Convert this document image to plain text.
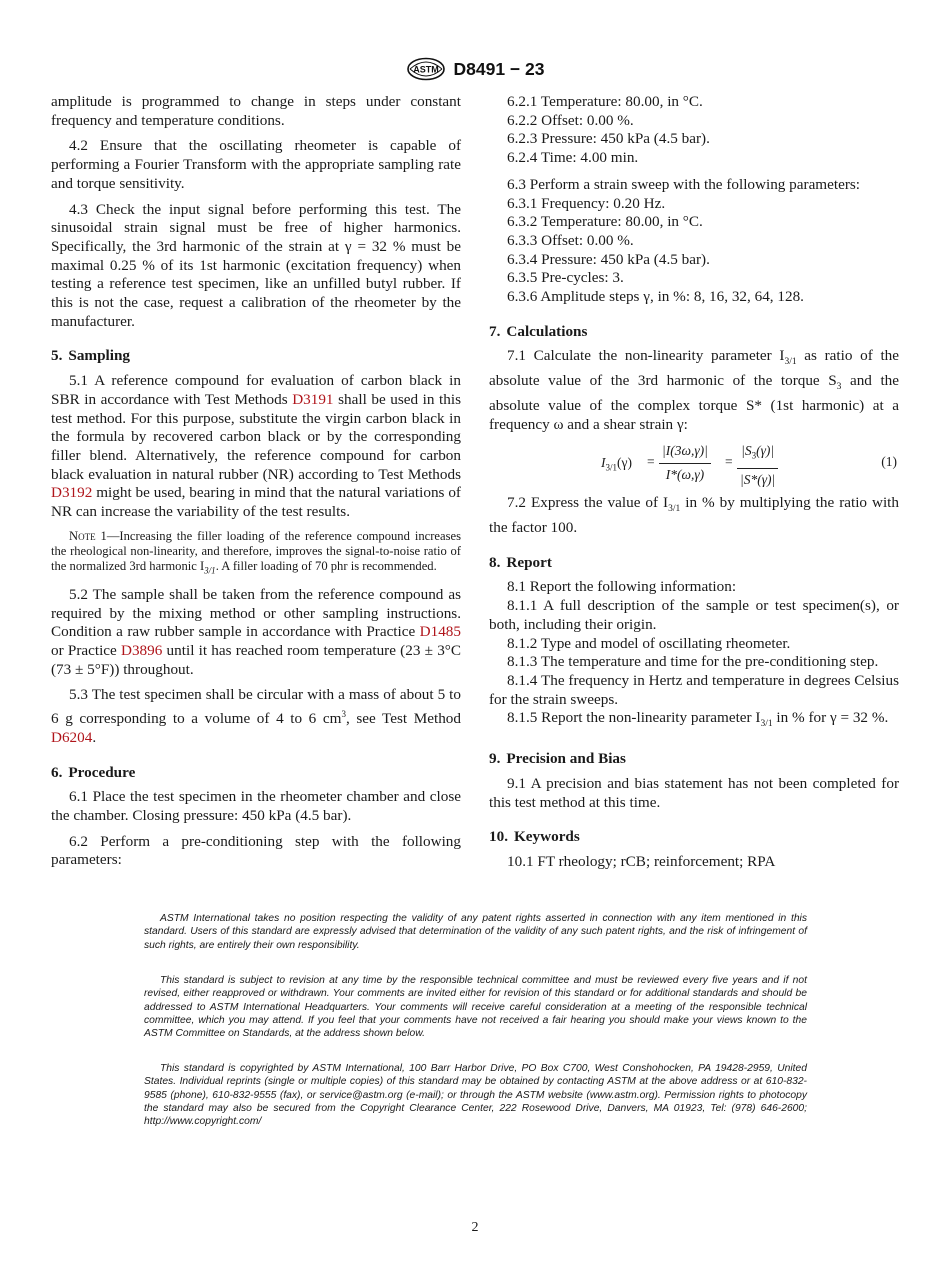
ASTM D8491 − 23

amplitude is programmed to change in steps under constant frequency and temperature conditions.

4.2 Ensure that the oscillating rheometer is capable of performing a Fourier Transform with the appropriate sampling rate and torque sensitivity.

4.3 Check the input signal before performing this test. The sinusoidal strain signal must be free of higher harmonics. Specifically, the 3rd harmonic of the strain at γ = 32 % must be maximal 0.25 % of its 1st harmonic (excitation frequency) when testing a reference test specimen, like an unfilled butyl rubber. If this is not the case, request a calibration of the rheometer by the manufacturer.

5. Sampling

5.1 A reference compound for evaluation of carbon black in SBR in accordance with Test Methods D3191 shall be used in this test method. For this purpose, substitute the virgin carbon black in the formula by recovered carbon black or by the corresponding filler blend. Alternatively, the reference compound for carbon black evaluation in natural rubber (NR) according to Test Methods D3192 might be used, bearing in mind that the natural variations of NR can increase the variability of the test results.

Note 1—Increasing the filler loading of the reference compound increases the rheological non-linearity, and therefore, improves the signal-to-noise ratio of the normalized 3rd harmonic $I_{3/1}$. A filler loading of 70 phr is recommended.

5.2 The sample shall be taken from the reference compound as required by the mixing method or other sampling instructions. Condition a raw rubber sample in accordance with Practice D1485 or Practice D3896 until it has reached room temperature (23 ± 3°C (73 ± 5°F)) throughout.

5.3 The test specimen shall be circular with a mass of about 5 to 6 g corresponding to a volume of 4 to 6 $cm^3$, see Test Method D6204.

6. Procedure

6.1 Place the test specimen in the rheometer chamber and close the chamber. Closing pressure: 450 kPa (4.5 bar).

6.2 Perform a pre-conditioning step with the following parameters:

6.2.1 Temperature: 80.00, in °C.

6.2.2 Offset: 0.00 %.

6.2.3 Pressure: 450 kPa (4.5 bar).

6.2.4 Time: 4.00 min.

6.3 Perform a strain sweep with the following parameters:

6.3.1 Frequency: 0.20 Hz.

6.3.2 Temperature: 80.00, in °C.

6.3.3 Offset: 0.00 %.

6.3.4 Pressure: 450 kPa (4.5 bar).

6.3.5 Pre-cycles: 3.

6.3.6 Amplitude steps γ, in %: 8, 16, 32, 64, 128.

7. Calculations

7.1 Calculate the non-linearity parameter $I_{3/1}$ as ratio of the absolute value of the 3rd harmonic of the torque $S_3$ and the absolute value of the complex torque S* (1st harmonic) at a frequency ω and a shear strain γ:

$I_{3/1}(\gamma) = \frac{|I(3\omega,\gamma)|}{I*(\omega,\gamma)} = \frac{|S_3(\gamma)|}{|S*(\gamma)|}$	(1)

7.2 Express the value of $I_{3/1}$ in % by multiplying the ratio with the factor 100.

8. Report

8.1 Report the following information:

8.1.1 A full description of the sample or test specimen(s), or both, including their origin.

8.1.2 Type and model of oscillating rheometer.

8.1.3 The temperature and time for the pre-conditioning step.

8.1.4 The frequency in Hertz and temperature in degrees Celsius for the strain sweeps.

8.1.5 Report the non-linearity parameter $I_{3/1}$ in % for γ = 32 %.

9. Precision and Bias

9.1 A precision and bias statement has not been completed for this test method at this time.

10. Keywords

10.1 FT rheology; rCB; reinforcement; RPA

ASTM International takes no position respecting the validity of any patent rights asserted in connection with any item mentioned in this standard. Users of this standard are expressly advised that determination of the validity of any such patent rights, and the risk of infringement of such rights, are entirely their own responsibility.

This standard is subject to revision at any time by the responsible technical committee and must be reviewed every five years and if not revised, either reapproved or withdrawn. Your comments are invited either for revision of this standard or for additional standards and should be addressed to ASTM International Headquarters. Your comments will receive careful consideration at a meeting of the responsible technical committee, which you may attend. If you feel that your comments have not received a fair hearing you should make your views known to the ASTM Committee on Standards, at the address shown below.

This standard is copyrighted by ASTM International, 100 Barr Harbor Drive, PO Box C700, West Conshohocken, PA 19428-2959, United States. Individual reprints (single or multiple copies) of this standard may be obtained by contacting ASTM at the above address or at 610-832-9585 (phone), 610-832-9555 (fax), or service@astm.org (e-mail); or through the ASTM website (www.astm.org). Permission rights to photocopy the standard may also be secured from the Copyright Clearance Center, 222 Rosewood Drive, Danvers, MA 01923, Tel: (978) 646-2600; http://www.copyright.com/

2
